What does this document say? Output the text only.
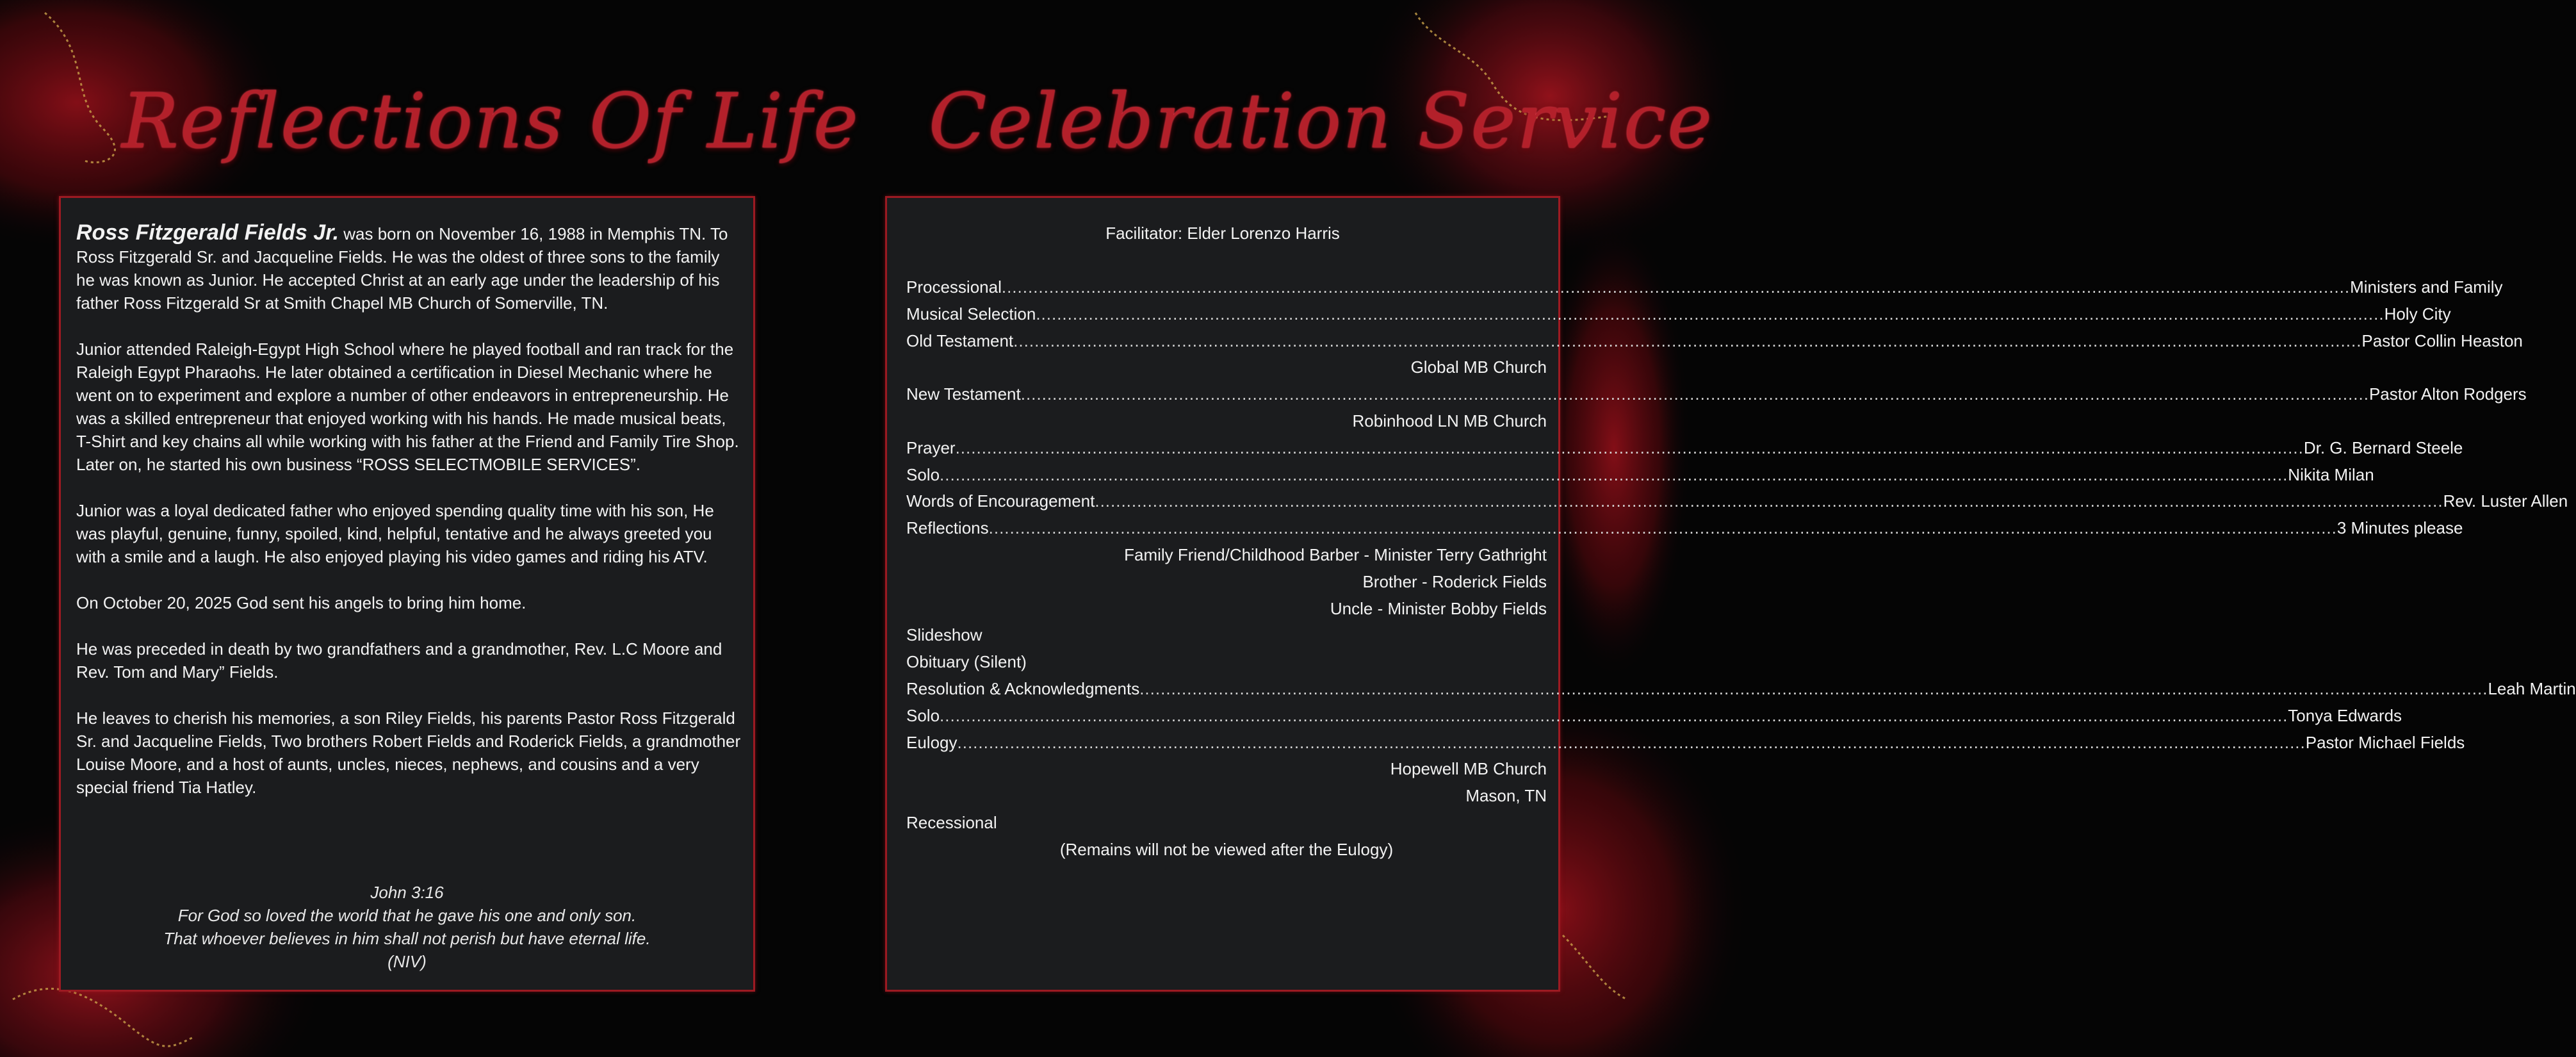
Reflections Of Life Celebration Service

Ross Fitzgerald Fields Jr. was born on November 16, 1988 in Memphis TN. To Ross Fitzgerald Sr. and Jacqueline Fields. He was the oldest of three sons to the family he was known as Junior. He accepted Christ at an early age under the leadership of his father Ross Fitzgerald Sr at Smith Chapel MB Church of Somerville, TN.

Junior attended Raleigh-Egypt High School where he played football and ran track for the Raleigh Egypt Pharaohs. He later obtained a certification in Diesel Mechanic where he went on to experiment and explore a number of other endeavors in entrepreneurship. He was a skilled entrepreneur that enjoyed working with his hands. He made musical beats, T-Shirt and key chains all while working with his father at the Friend and Family Tire Shop. Later on, he started his own business “ROSS SELECTMOBILE SERVICES”.

Junior was a loyal dedicated father who enjoyed spending quality time with his son, He was playful, genuine, funny, spoiled, kind, helpful, tentative and he always greeted you with a smile and a laugh. He also enjoyed playing his video games and riding his ATV.

On October 20, 2025 God sent his angels to bring him home.

He was preceded in death by two grandfathers and a grandmother, Rev. L.C Moore and Rev. Tom and Mary” Fields.

He leaves to cherish his memories, a son Riley Fields, his parents Pastor Ross Fitzgerald Sr. and Jacqueline Fields, Two brothers Robert Fields and Roderick Fields, a grandmother Louise Moore, and a host of aunts, uncles, nieces, nephews, and cousins and a very special friend Tia Hatley.

John 3:16
For God so loved the world that he gave his one and only son.
That whoever believes in him shall not perish but have eternal life.
(NIV)
Facilitator: Elder Lorenzo Harris
Processional .....	Ministers and Family
Musical Selection .....	Holy City
Old Testament .....	Pastor Collin Heaston
Global MB Church
New Testament .....	Pastor Alton Rodgers
Robinhood LN MB Church
Prayer .....	Dr. G. Bernard Steele
Solo .....	Nikita Milan
Words of Encouragement .....	Rev. Luster Allen
Reflections .....	3 Minutes please
Family Friend/Childhood Barber - Minister Terry Gathright
Brother - Roderick Fields
Uncle - Minister Bobby Fields
Slideshow
Obituary (Silent)
Resolution & Acknowledgments .....	Leah Martin
Solo .....	Tonya Edwards
Eulogy .....	Pastor Michael Fields
Hopewell MB Church
Mason, TN
Recessional
(Remains will not be viewed after the Eulogy)
